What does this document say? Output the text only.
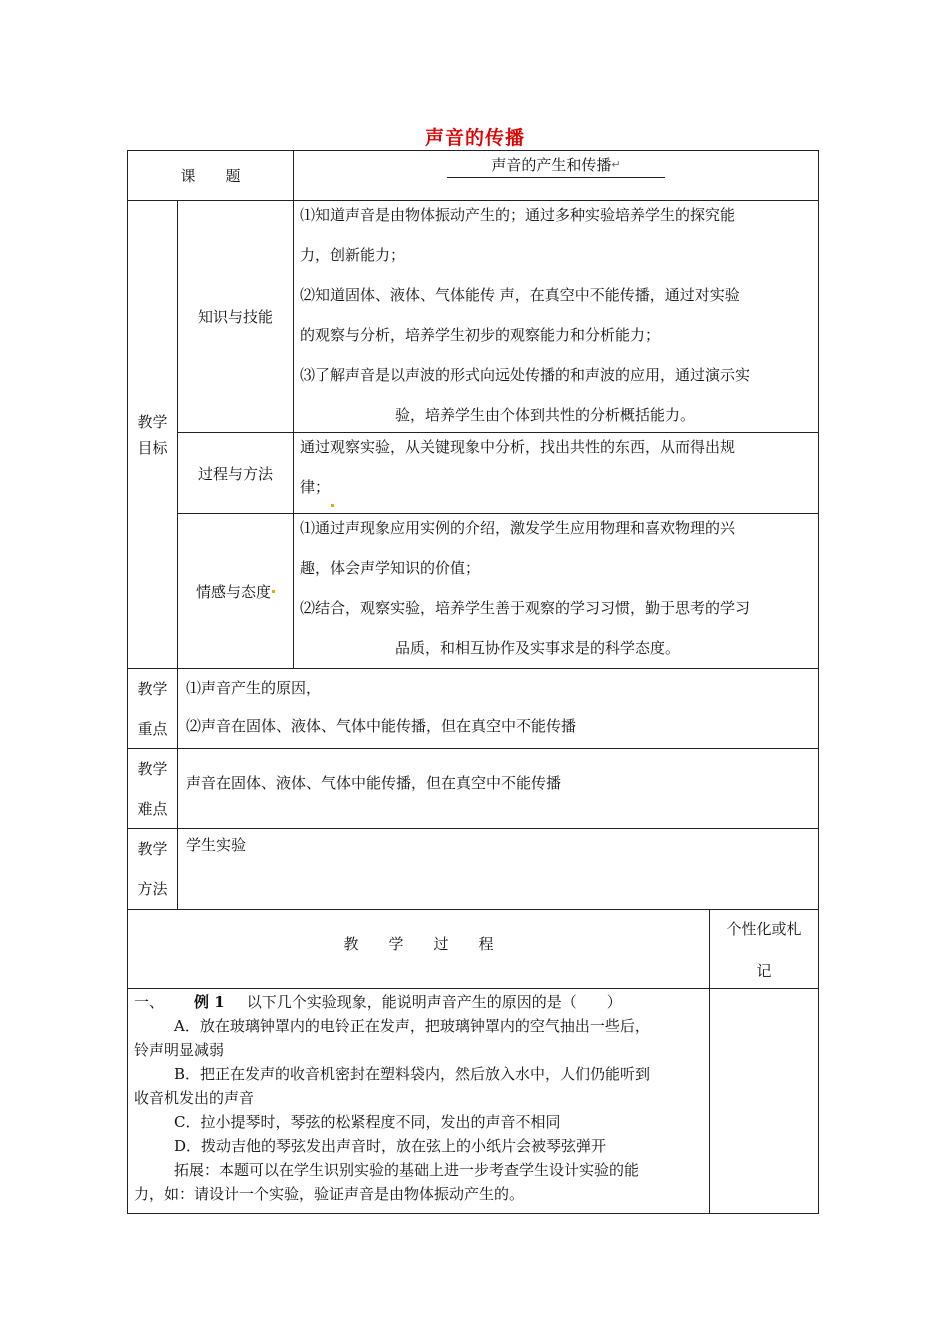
声音的传播
课　　题
声音的产生和传播 ↵
教学
目标
知识与技能

⑴知道声音是由物体振动产生的；通过多种实验培养学生的探究能

力，创新能力；

⑵知道固体、液体、气体能传 声，在真空中不能传播，通过对实验

的观察与分析，培养学生初步的观察能力和分析能力；

⑶了解声音是以声波的形式向远处传播的和声波的应用，通过演示实

验，培养学生由个体到共性的分析概括能力。

过程与方法

通过观察实验，从关键现象中分析，找出共性的东西，从而得出规

律；

情感与态度

⑴通过声现象应用实例的介绍，激发学生应用物理和喜欢物理的兴

趣，体会声学知识的价值；

⑵结合，观察实验，培养学生善于观察的学习习惯，勤于思考的学习

品质，和相互协作及实事求是的科学态度。

教学
重点
⑴声音产生的原因，
⑵声音在固体、液体、气体中能传播，但在真空中不能传播
教学
难点
声音在固体、液体、气体中能传播，但在真空中不能传播
教学
方法
学生实验
教　　学　　过　　程
个性化或札
记

一、 例 1 以下几个实验现象，能说明声音产生的原因的是（　　）

A．放在玻璃钟罩内的电铃正在发声，把玻璃钟罩内的空气抽出一些后，

铃声明显减弱

B．把正在发声的收音机密封在塑料袋内，然后放入水中，人们仍能听到

收音机发出的声音

C．拉小提琴时，琴弦的松紧程度不同，发出的声音不相同

D．拨动吉他的琴弦发出声音时，放在弦上的小纸片会被琴弦弹开

拓展：本题可以在学生识别实验的基础上进一步考查学生设计实验的能

力，如：请设计一个实验，验证声音是由物体振动产生的。
